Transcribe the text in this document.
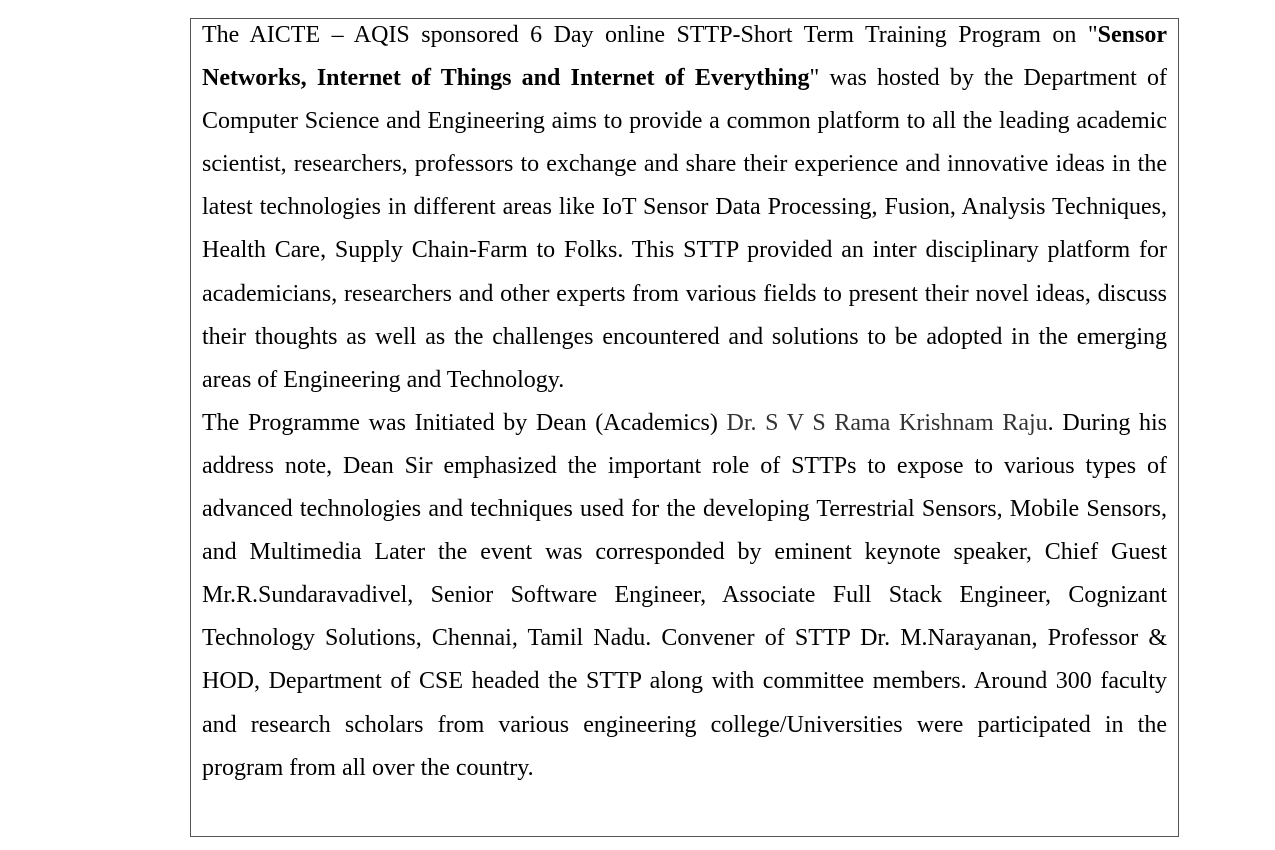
The AICTE – AQIS sponsored 6 Day online STTP-Short Term Training Program on "Sensor Networks, Internet of Things and Internet of Everything" was hosted by the Department of Computer Science and Engineering aims to provide a common platform to all the leading academic scientist, researchers, professors to exchange and share their experience and innovative ideas in the latest technologies in different areas like IoT Sensor Data Processing, Fusion, Analysis Techniques, Health Care, Supply Chain-Farm to Folks. This STTP provided an inter disciplinary platform for academicians, researchers and other experts from various fields to present their novel ideas, discuss their thoughts as well as the challenges encountered and solutions to be adopted in the emerging areas of Engineering and Technology.

The Programme was Initiated by Dean (Academics) Dr. S V S Rama Krishnam Raju. During his address note, Dean Sir emphasized the important role of STTPs to expose to various types of advanced technologies and techniques used for the developing Terrestrial Sensors, Mobile Sensors, and Multimedia Later the event was corresponded by eminent keynote speaker, Chief Guest Mr.R.Sundaravadivel, Senior Software Engineer, Associate Full Stack Engineer, Cognizant Technology Solutions, Chennai, Tamil Nadu. Convener of STTP Dr. M.Narayanan, Professor & HOD, Department of CSE headed the STTP along with committee members. Around 300 faculty and research scholars from various engineering college/Universities were participated in the program from all over the country.
